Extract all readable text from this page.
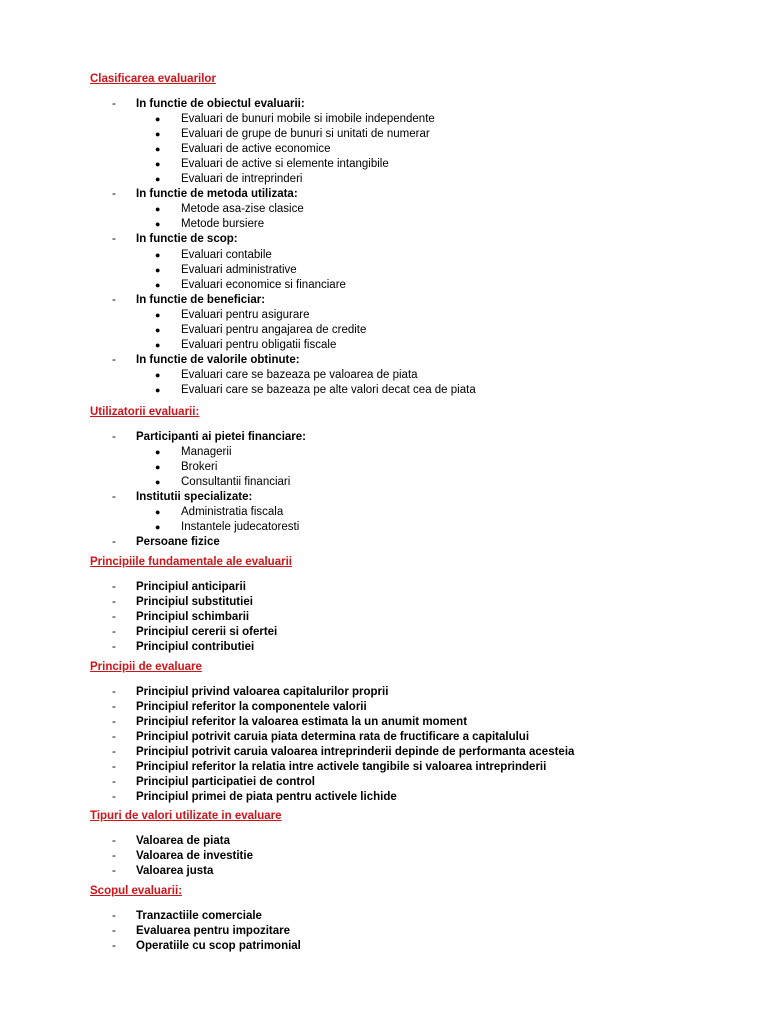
Clasificarea evaluarilor
- In functie de obiectul evaluarii:
● Evaluari de bunuri mobile si imobile independente
● Evaluari de grupe de bunuri si unitati de numerar
● Evaluari de active economice
● Evaluari de active si elemente intangibile
● Evaluari de intreprinderi
- In functie de metoda utilizata:
● Metode asa-zise clasice
● Metode bursiere
- In functie de scop:
● Evaluari contabile
● Evaluari administrative
● Evaluari economice si financiare
- In functie de beneficiar:
● Evaluari pentru asigurare
● Evaluari pentru angajarea de credite
● Evaluari pentru obligatii fiscale
- In functie de valorile obtinute:
● Evaluari care se bazeaza pe valoarea de piata
● Evaluari care se bazeaza pe alte valori decat cea de piata
Utilizatorii evaluarii:
- Participanti ai pietei financiare:
● Managerii
● Brokeri
● Consultantii financiari
- Institutii specializate:
● Administratia fiscala
● Instantele judecatoresti
- Persoane fizice
Principiile fundamentale ale evaluarii
- Principiul anticiparii
- Principiul substitutiei
- Principiul schimbarii
- Principiul cererii si ofertei
- Principiul contributiei
Principii de evaluare
- Principiul privind valoarea capitalurilor proprii
- Principiul referitor la componentele valorii
- Principiul referitor la valoarea estimata la un anumit moment
- Principiul potrivit caruia piata determina rata de fructificare a capitalului
- Principiul potrivit caruia valoarea intreprinderii depinde de performanta acesteia
- Principiul referitor la relatia intre activele tangibile si valoarea intreprinderii
- Principiul participatiei de control
- Principiul primei de piata pentru activele lichide
Tipuri de valori utilizate in evaluare
- Valoarea de piata
- Valoarea de investitie
- Valoarea justa
Scopul evaluarii:
- Tranzactiile comerciale
- Evaluarea pentru impozitare
- Operatiile cu scop patrimonial
